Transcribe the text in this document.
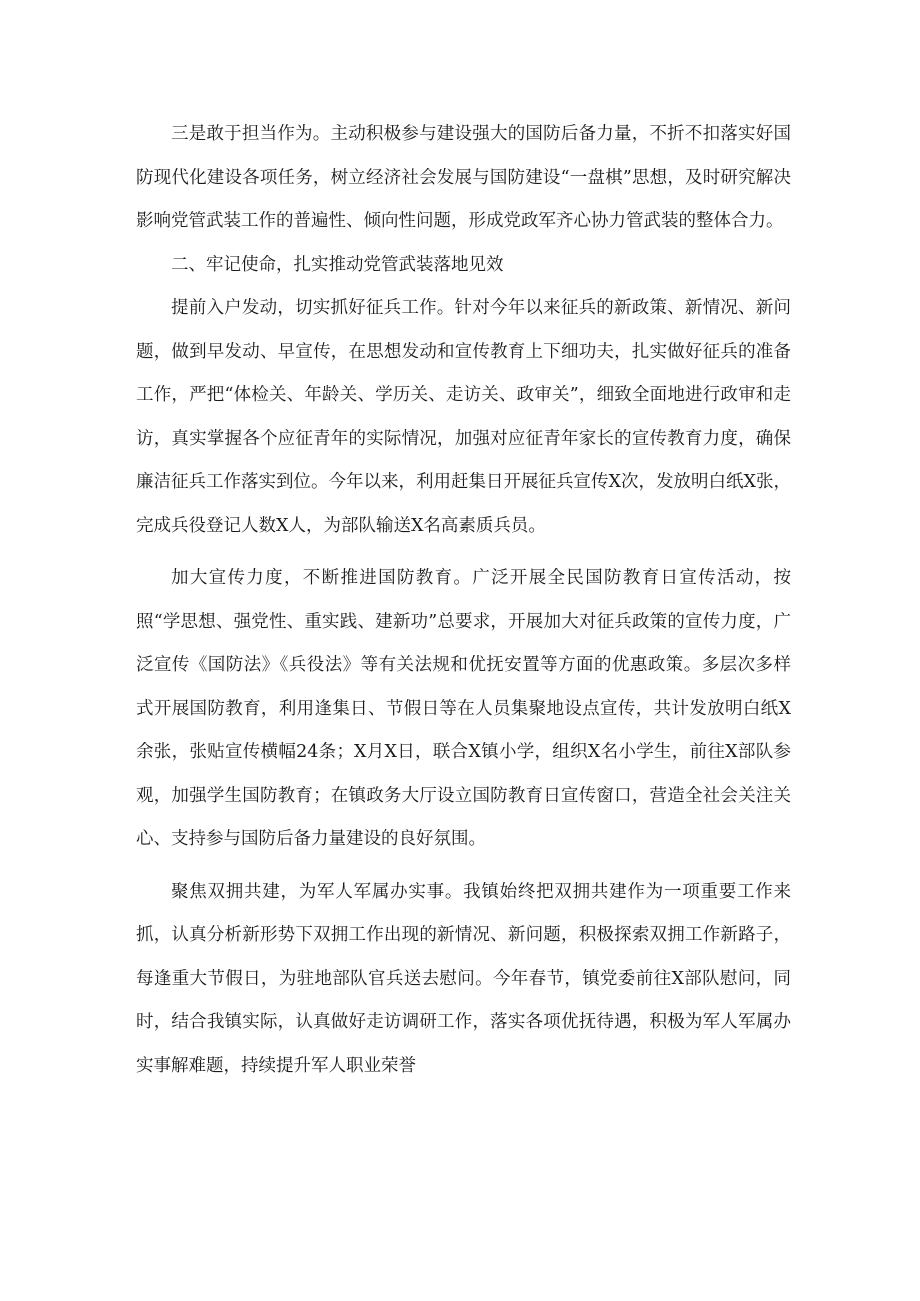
三是敢于担当作为。主动积极参与建设强大的国防后备力量，不折不扣落实好国防现代化建设各项任务，树立经济社会发展与国防建设“一盘棋”思想，及时研究解决影响党管武装工作的普遍性、倾向性问题，形成党政军齐心协力管武装的整体合力。

二、牢记使命，扎实推动党管武装落地见效

提前入户发动，切实抓好征兵工作。针对今年以来征兵的新政策、新情况、新问题，做到早发动、早宣传，在思想发动和宣传教育上下细功夫，扎实做好征兵的准备工作，严把“体检关、年龄关、学历关、走访关、政审关”，细致全面地进行政审和走访，真实掌握各个应征青年的实际情况，加强对应征青年家长的宣传教育力度，确保廉洁征兵工作落实到位。今年以来，利用赶集日开展征兵宣传X次，发放明白纸X张，完成兵役登记人数X人，为部队输送X名高素质兵员。

加大宣传力度，不断推进国防教育。广泛开展全民国防教育日宣传活动，按照“学思想、强党性、重实践、建新功”总要求，开展加大对征兵政策的宣传力度，广泛宣传《国防法》《兵役法》等有关法规和优抚安置等方面的优惠政策。多层次多样式开展国防教育，利用逢集日、节假日等在人员集聚地设点宣传，共计发放明白纸X余张，张贴宣传横幅24条；X月X日，联合X镇小学，组织X名小学生，前往X部队参观，加强学生国防教育；在镇政务大厅设立国防教育日宣传窗口，营造全社会关注关心、支持参与国防后备力量建设的良好氛围。

聚焦双拥共建，为军人军属办实事。我镇始终把双拥共建作为一项重要工作来抓，认真分析新形势下双拥工作出现的新情况、新问题，积极探索双拥工作新路子，每逢重大节假日，为驻地部队官兵送去慰问。今年春节，镇党委前往X部队慰问，同时，结合我镇实际，认真做好走访调研工作，落实各项优抚待遇，积极为军人军属办实事解难题，持续提升军人职业荣誉
